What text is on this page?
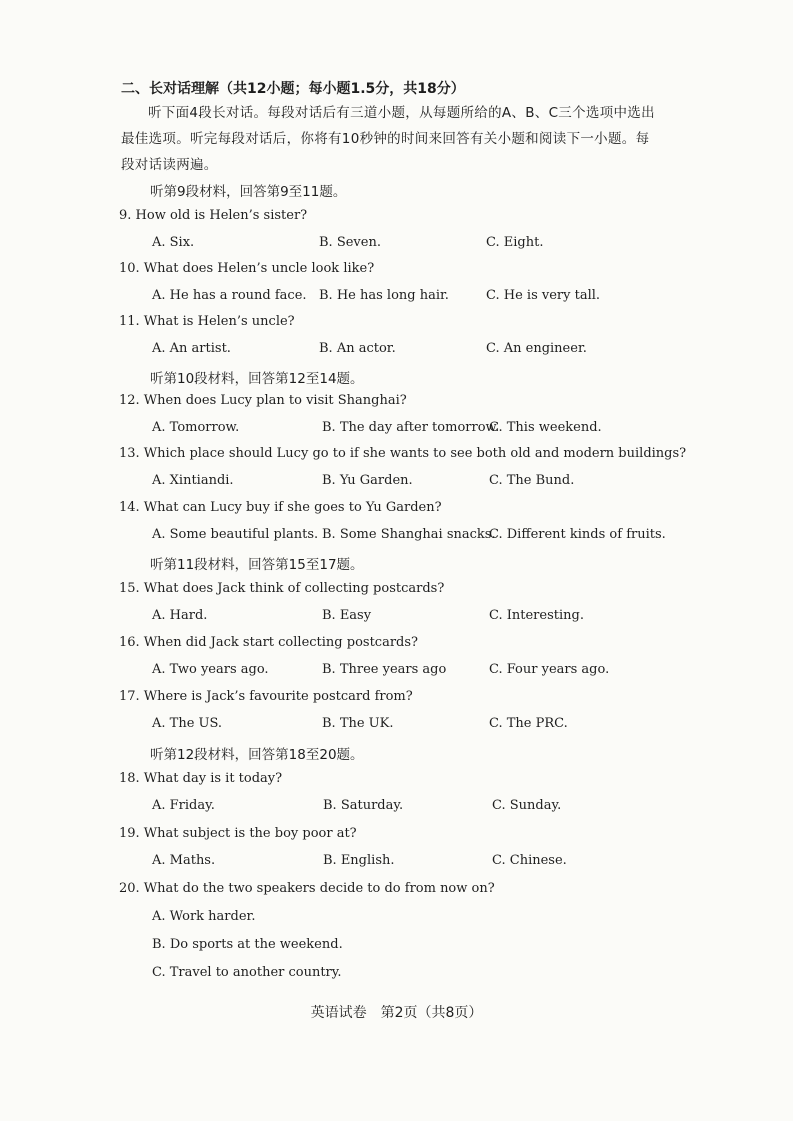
二、长对话理解（共12小题；每小题1.5分，共18分）
听下面4段长对话。每段对话后有三道小题，从每题所给的A、B、C三个选项中选出最佳选项。听完每段对话后，你将有10秒钟的时间来回答有关小题和阅读下一小题。每段对话读两遍。
听第9段材料，回答第9至11题。
9. How old is Helen’s sister?
A. Six.	B. Seven.	C. Eight.
10. What does Helen’s uncle look like?
A. He has a round face. B. He has long hair.	C. He is very tall.
11. What is Helen’s uncle?
A. An artist.	B. An actor.	C. An engineer.
听第10段材料，回答第12至14题。
12. When does Lucy plan to visit Shanghai?
A. Tomorrow.	B. The day after tomorrow.
C. This weekend.
13. Which place should Lucy go to if she wants to see both old and modern buildings?
A. Xintiandi.	B. Yu Garden.	C. The Bund.
14. What can Lucy buy if she goes to Yu Garden?
A. Some beautiful plants. B. Some Shanghai snacks.
C. Different kinds of fruits.
听第11段材料，回答第15至17题。
15. What does Jack think of collecting postcards?
A. Hard.	B. Easy	C. Interesting.
16. When did Jack start collecting postcards?
A. Two years ago.	B. Three years ago	C. Four years ago.
17. Where is Jack’s favourite postcard from?
A. The US.	B. The UK.	C. The PRC.
听第12段材料，回答第18至20题。
18. What day is it today?
A. Friday.	B. Saturday.	C. Sunday.
19. What subject is the boy poor at?
A. Maths.	B. English.	C. Chinese.
20. What do the two speakers decide to do from now on?
A. Work harder.
B. Do sports at the weekend.
C. Travel to another country.
英语试卷　第2页（共8页）
